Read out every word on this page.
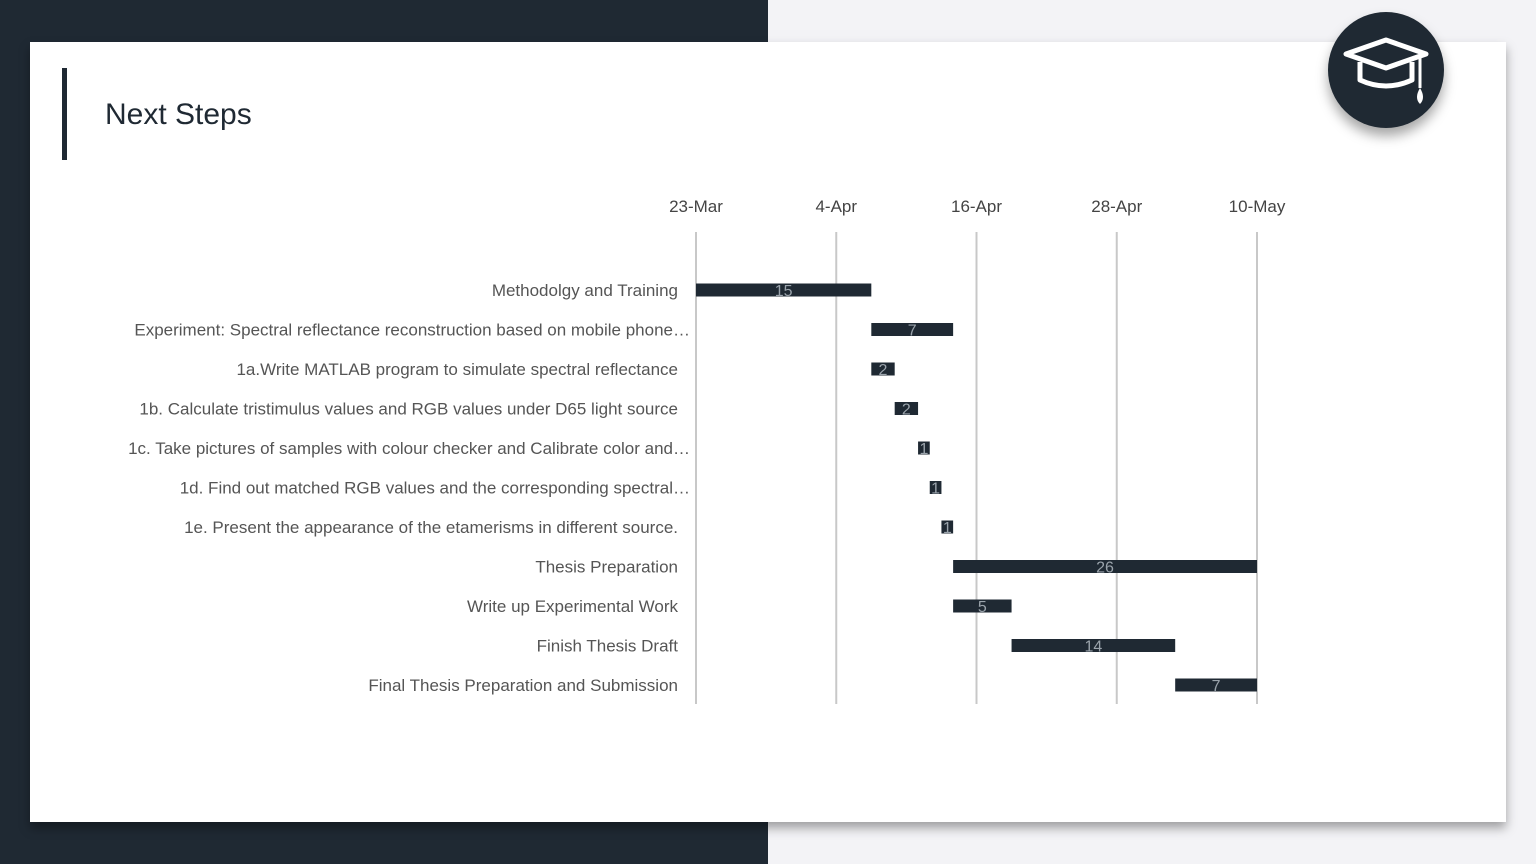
Next Steps
23-Mar	4-Apr	16-Apr	28-Apr	10-May
Methodolgy and Training	15
Experiment: Spectral reflectance reconstruction based on mobile phone…	7
1a.Write MATLAB program to simulate spectral reflectance	2
1b. Calculate tristimulus values and RGB values under D65 light source	2
1c. Take pictures of samples with colour checker and Calibrate color and…	1
1d. Find out matched RGB values and the corresponding spectral…	1
1e. Present the appearance of the etamerisms in different source.	1
Thesis Preparation	26
Write up Experimental Work	5
Finish Thesis Draft	14
Final Thesis Preparation and Submission	7
